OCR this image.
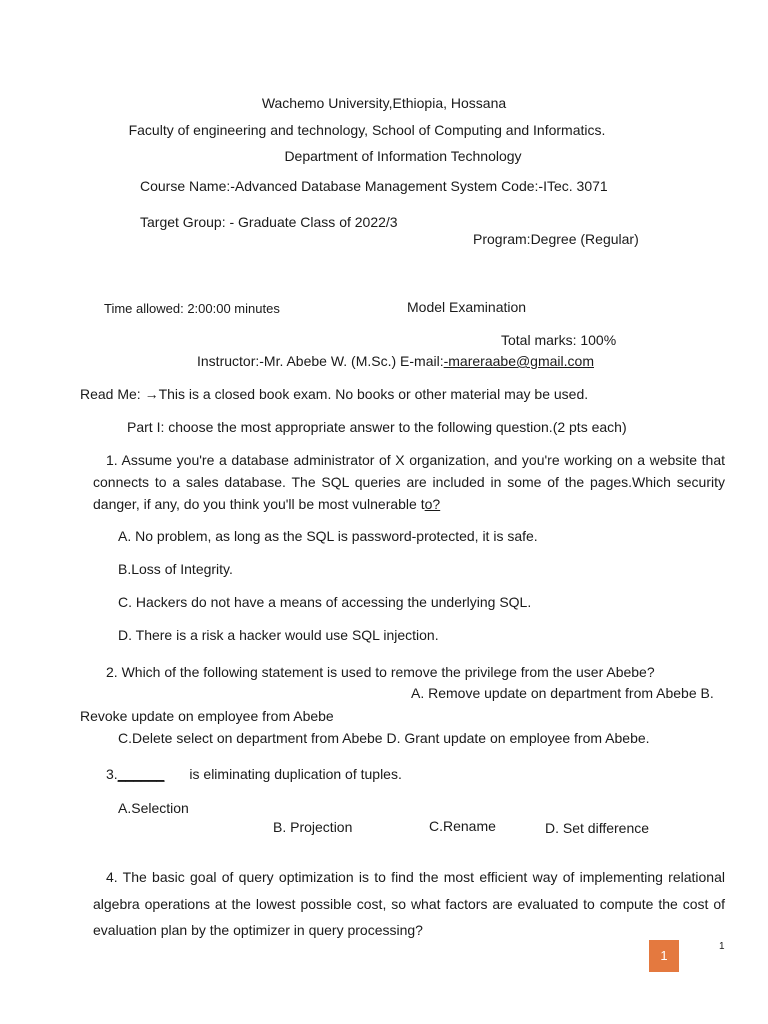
Wachemo University,Ethiopia, Hossana
Faculty of engineering and technology, School of Computing and Informatics.
Department of Information Technology
Course Name:-Advanced Database Management System Code:-ITec. 3071
Target Group: - Graduate Class of 2022/3
Program:Degree (Regular)
Time allowed: 2:00:00 minutes	Model Examination
Total marks: 100%
Instructor:-Mr. Abebe W. (M.Sc.) E-mail:-mareraabe@gmail.com
Read Me: →This is a closed book exam. No books or other material may be used.
Part I: choose the most appropriate answer to the following question.(2 pts each)
1. Assume you're a database administrator of X organization, and you're working on a website that connects to a sales database. The SQL queries are included in some of the pages.Which security danger, if any, do you think you'll be most vulnerable to?
A. No problem, as long as the SQL is password-protected, it is safe.
B.Loss of Integrity.
C. Hackers do not have a means of accessing the underlying SQL.
D. There is a risk a hacker would use SQL injection.
2. Which of the following statement is used to remove the privilege from the user Abebe?
A. Remove update on department from Abebe B.
Revoke update on employee from Abebe
C.Delete select on department from Abebe D. Grant update on employee from Abebe.
3.______ is eliminating duplication of tuples.
A.Selection
B. Projection	C.Rename	D. Set difference
4. The basic goal of query optimization is to find the most efficient way of implementing relational algebra operations at the lowest possible cost, so what factors are evaluated to compute the cost of evaluation plan by the optimizer in query processing?
1
1
